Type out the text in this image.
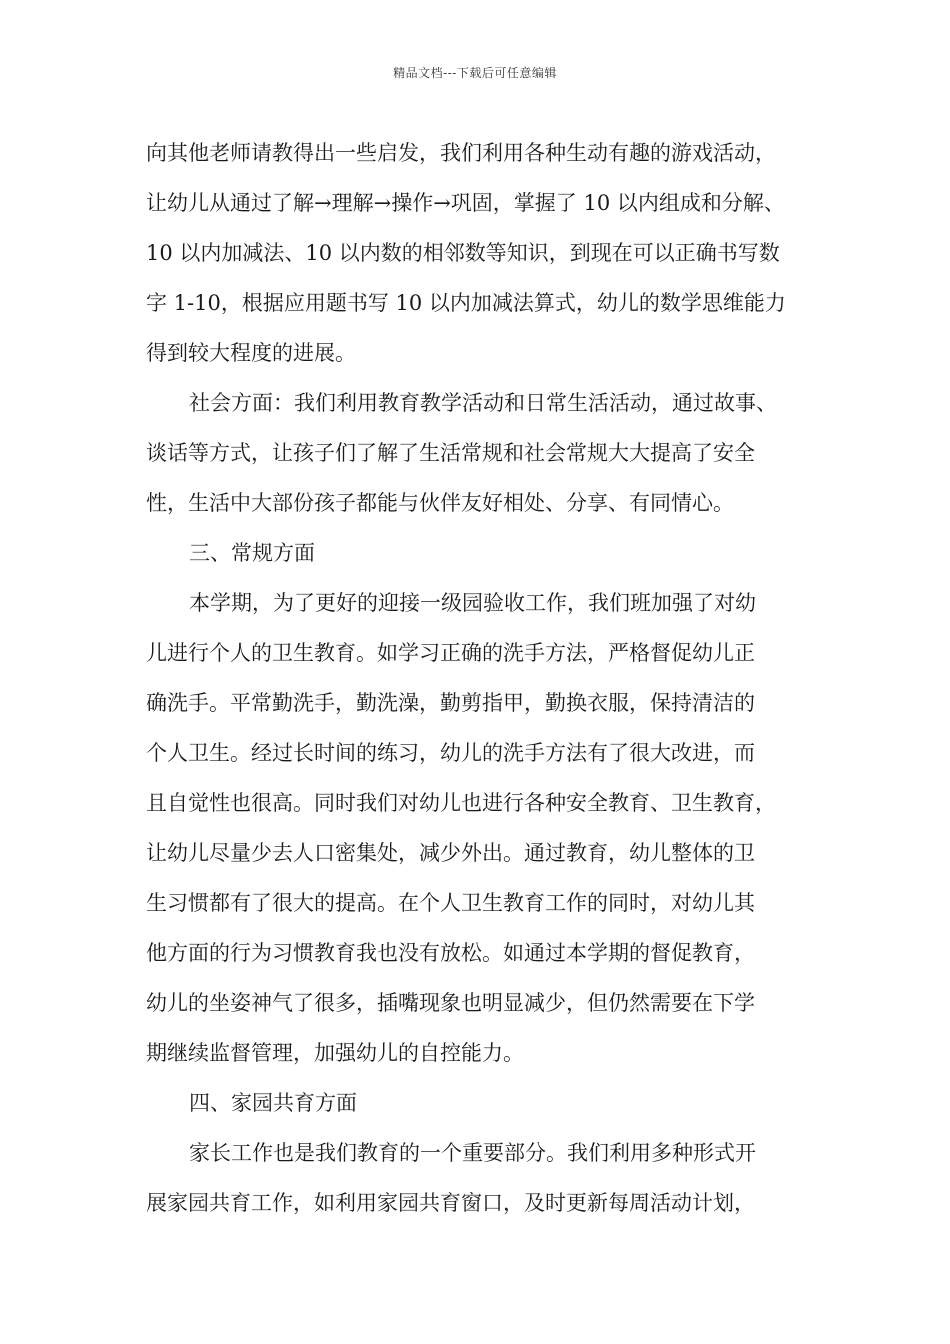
精品文档---下载后可任意编辑
向其他老师请教得出一些启发，我们利用各种生动有趣的游戏活动，
让幼儿从通过了解→理解→操作→巩固，掌握了 10 以内组成和分解、
10 以内加减法、10 以内数的相邻数等知识，到现在可以正确书写数
字 1-10，根据应用题书写 10 以内加减法算式，幼儿的数学思维能力
得到较大程度的进展。
社会方面：我们利用教育教学活动和日常生活活动，通过故事、
谈话等方式，让孩子们了解了生活常规和社会常规大大提高了安全
性，生活中大部份孩子都能与伙伴友好相处、分享、有同情心。
三、常规方面
本学期，为了更好的迎接一级园验收工作，我们班加强了对幼
儿进行个人的卫生教育。如学习正确的洗手方法，严格督促幼儿正
确洗手。平常勤洗手，勤洗澡，勤剪指甲，勤换衣服，保持清洁的
个人卫生。经过长时间的练习，幼儿的洗手方法有了很大改进，而
且自觉性也很高。同时我们对幼儿也进行各种安全教育、卫生教育，
让幼儿尽量少去人口密集处，减少外出。通过教育，幼儿整体的卫
生习惯都有了很大的提高。在个人卫生教育工作的同时，对幼儿其
他方面的行为习惯教育我也没有放松。如通过本学期的督促教育，
幼儿的坐姿神气了很多，插嘴现象也明显减少，但仍然需要在下学
期继续监督管理，加强幼儿的自控能力。
四、家园共育方面
家长工作也是我们教育的一个重要部分。我们利用多种形式开
展家园共育工作，如利用家园共育窗口，及时更新每周活动计划，
